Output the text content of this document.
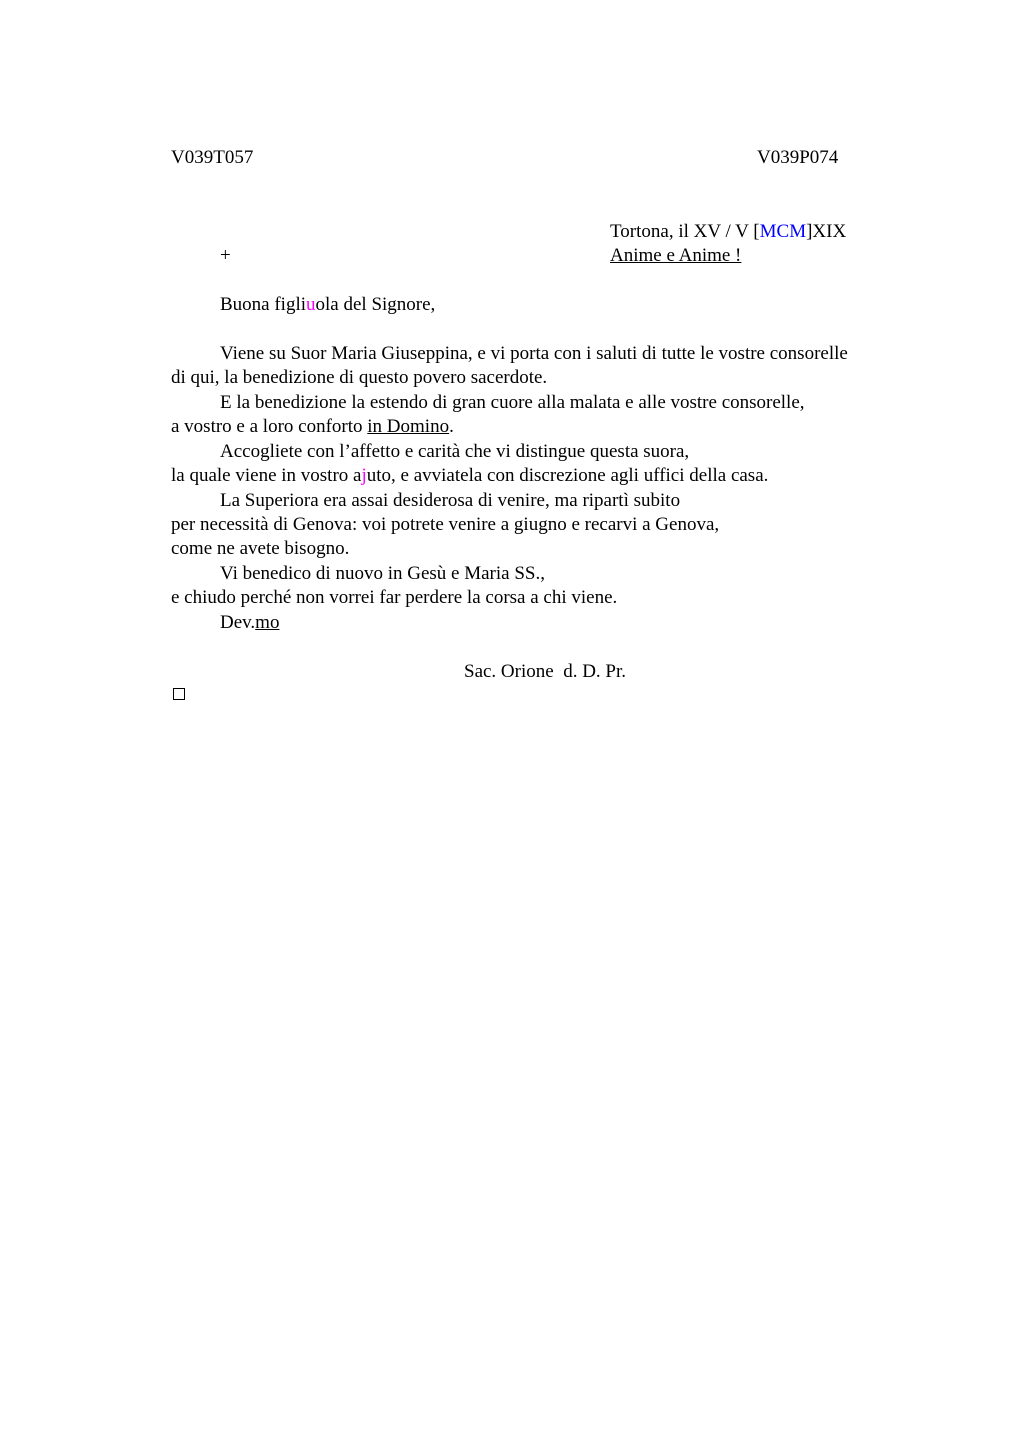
V039T057	V039P074
Tortona, il XV / V [MCM]XIX
+	Anime e Anime !
Buona figliuola del Signore,
Viene su Suor Maria Giuseppina, e vi porta con i saluti di tutte le vostre consorelle
di qui, la benedizione di questo povero sacerdote.
E la benedizione la estendo di gran cuore alla malata e alle vostre consorelle,
a vostro e a loro conforto in Domino.
Accogliete con l’affetto e carità che vi distingue questa suora,
la quale viene in vostro ajuto, e avviatela con discrezione agli uffici della casa.
La Superiora era assai desiderosa di venire, ma ripartì subito
per necessità di Genova: voi potrete venire a giugno e recarvi a Genova,
come ne avete bisogno.
Vi benedico di nuovo in Gesù e Maria SS.,
e chiudo perché non vorrei far perdere la corsa a chi viene.
Dev.mo
Sac. Orione  d. D. Pr.
